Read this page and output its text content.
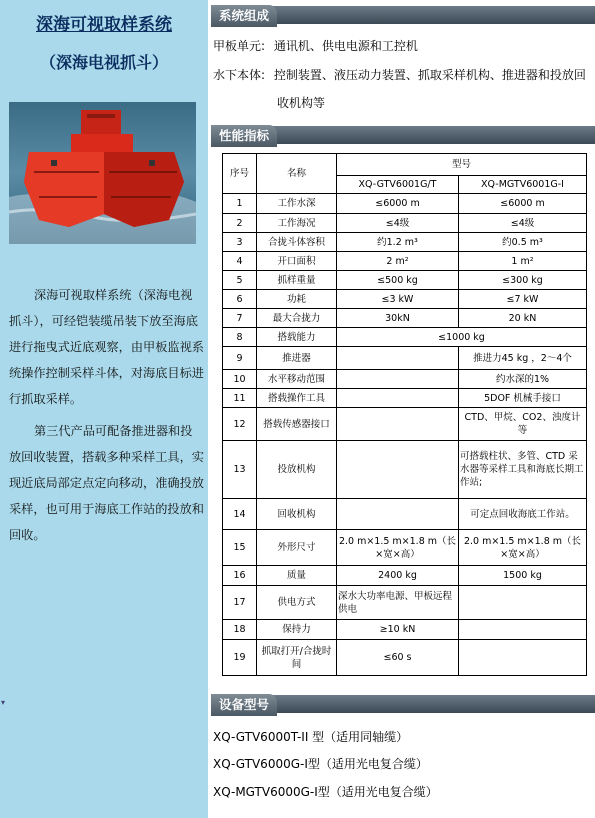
深海可视取样系统
（深海电视抓斗）
深海可视取样系统（深海电视抓斗），可经铠装缆吊装下放至海底进行拖曳式近底观察，由甲板监视系统操作控制采样斗体，对海底目标进行抓取采样。
第三代产品可配备推进器和投放回收装置，搭载多种采样工具，实现近底局部定点定向移动，准确投放采样，也可用于海底工作站的投放和回收。
▾
系统组成
甲板单元: 通讯机、供电电源和工控机
水下本体: 控制装置、液压动力装置、抓取采样机构、推进器和投放回
收机构等
性能指标
序号	名称	型号	
		XQ-GTV6001G/T	XQ-MGTV6001G-Ⅰ
1	工作水深	≤6000 m	≤6000 m
2	工作海况	≤4级	≤4级
3	合拢斗体容积	约1.2 m³	约0.5 m³
4	开口面积	2 m²	1 m²
5	抓样重量	≤500 kg	≤300 kg
6	功耗	≤3 kW	≤7 kW
7	最大合拢力	30kN	20 kN
8	搭载能力	≤1000 kg	
9	推进器		推进力45 kg ，2～4个
10	水平移动范围		约水深的1%
11	搭载操作工具		5DOF 机械手接口
12	搭载传感器接口		CTD、甲烷、CO2、浊度计等
13	投放机构		可搭载柱状、多管、CTD 采水器等采样工具和海底长期工作站;
14	回收机构		可定点回收海底工作站。
15	外形尺寸	2.0 m×1.5 m×1.8 m（长×宽×高）	2.0 m×1.5 m×1.8 m（长×宽×高）
16	质量	2400 kg	1500 kg
17	供电方式	深水大功率电源、甲板远程供电	
18	保持力	≥10 kN	
19	抓取打开/合拢时间	≤60 s	
设备型号
XQ-GTV6000T-II 型（适用同轴缆）
XQ-GTV6000G-Ⅰ型（适用光电复合缆）
XQ-MGTV6000G-Ⅰ型（适用光电复合缆）
